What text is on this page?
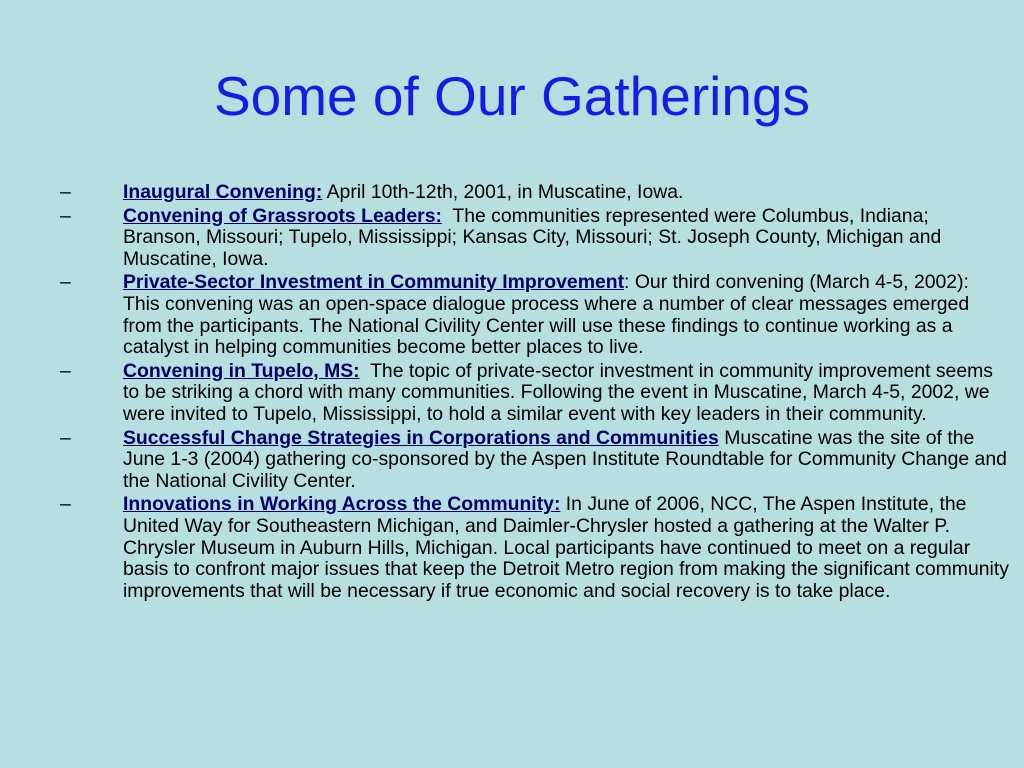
Some of Our Gatherings
–	Inaugural Convening: April 10th-12th, 2001, in Muscatine, Iowa.
–	Convening of Grassroots Leaders: The communities represented were Columbus, Indiana; Branson, Missouri; Tupelo, Mississippi; Kansas City, Missouri; St. Joseph County, Michigan and Muscatine, Iowa.
–	Private-Sector Investment in Community Improvement: Our third convening (March 4-5, 2002): This convening was an open-space dialogue process where a number of clear messages emerged from the participants. The National Civility Center will use these findings to continue working as a catalyst in helping communities become better places to live.
–	Convening in Tupelo, MS: The topic of private-sector investment in community improvement seems to be striking a chord with many communities. Following the event in Muscatine, March 4-5, 2002, we were invited to Tupelo, Mississippi, to hold a similar event with key leaders in their community.
–	Successful Change Strategies in Corporations and Communities Muscatine was the site of the June 1-3 (2004) gathering co-sponsored by the Aspen Institute Roundtable for Community Change and the National Civility Center.
–	Innovations in Working Across the Community: In June of 2006, NCC, The Aspen Institute, the United Way for Southeastern Michigan, and Daimler-Chrysler hosted a gathering at the Walter P. Chrysler Museum in Auburn Hills, Michigan. Local participants have continued to meet on a regular basis to confront major issues that keep the Detroit Metro region from making the significant community improvements that will be necessary if true economic and social recovery is to take place.
